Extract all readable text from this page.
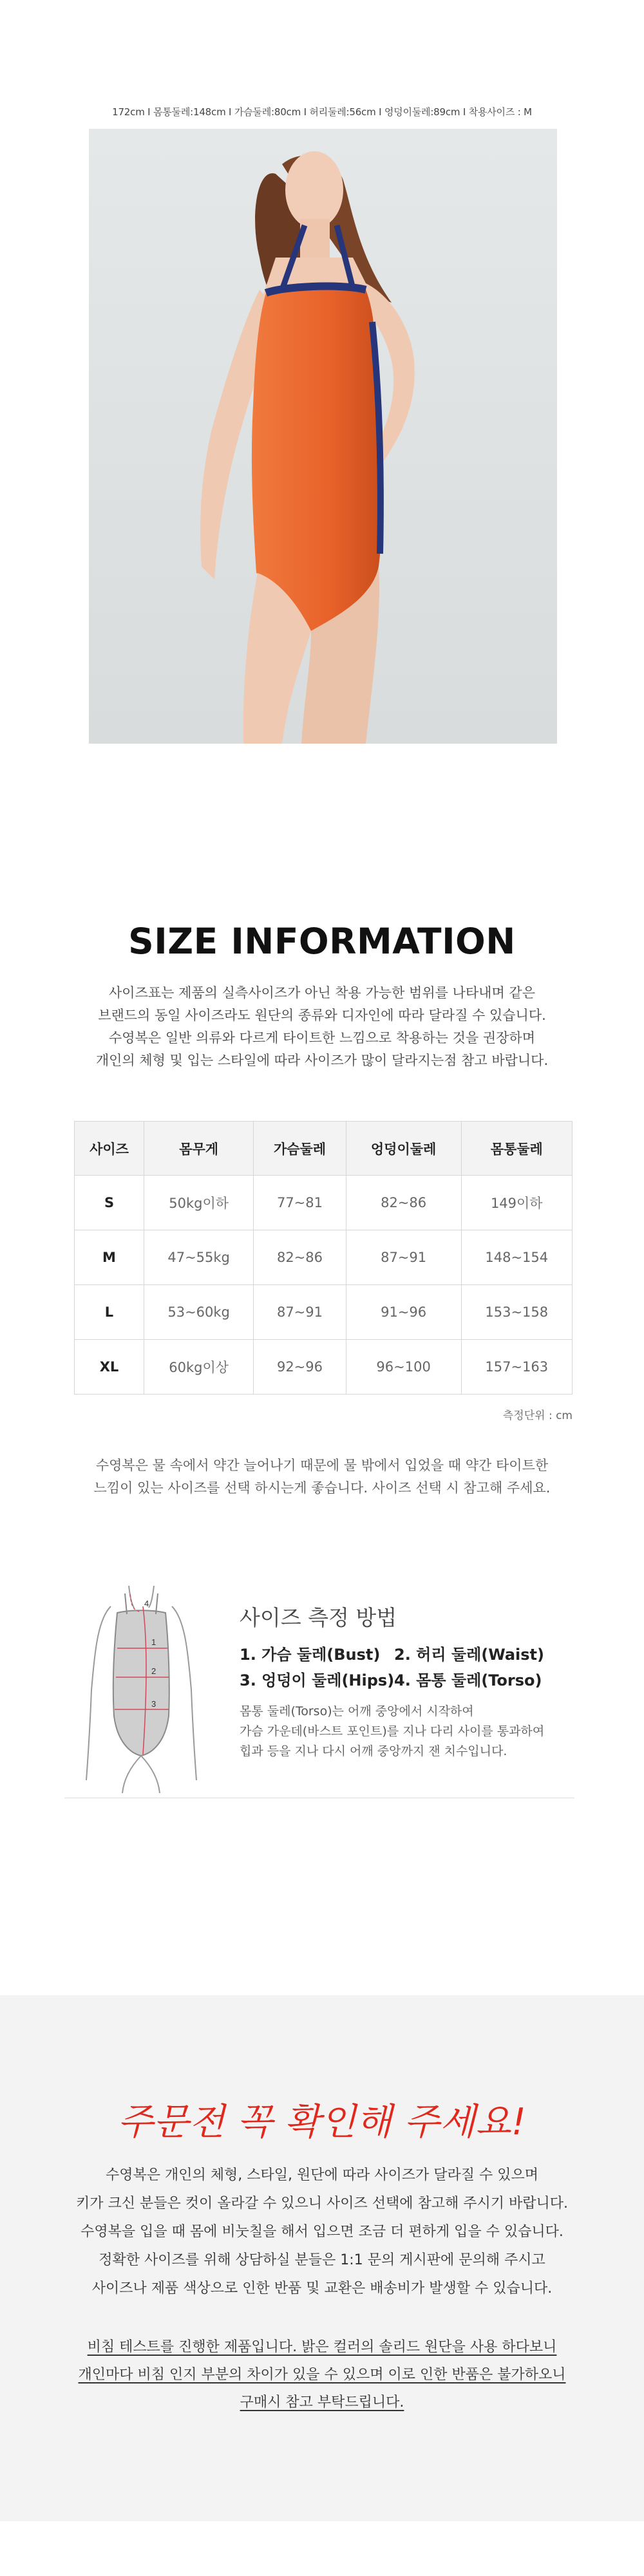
172cm I 몸통둘레:148cm I 가슴둘레:80cm I 허리둘레:56cm I 엉덩이둘레:89cm I 착용사이즈 : M
SIZE INFORMATION
사이즈표는 제품의 실측사이즈가 아닌 착용 가능한 범위를 나타내며 같은
브랜드의 동일 사이즈라도 원단의 종류와 디자인에 따라 달라질 수 있습니다.
수영복은 일반 의류와 다르게 타이트한 느낌으로 착용하는 것을 권장하며
개인의 체형 및 입는 스타일에 따라 사이즈가 많이 달라지는점 참고 바랍니다.
사이즈	몸무게	가슴둘레	엉덩이둘레	몸통둘레
S	50kg이하	77~81	82~86	149이하
M	47~55kg	82~86	87~91	148~154
L	53~60kg	87~91	91~96	153~158
XL	60kg이상	92~96	96~100	157~163
측정단위 : cm
수영복은 물 속에서 약간 늘어나기 때문에 물 밖에서 입었을 때 약간 타이트한
느낌이 있는 사이즈를 선택 하시는게 좋습니다. 사이즈 선택 시 참고해 주세요.
1
2
3
4
사이즈 측정 방법
1. 가슴 둘레(Bust) 2. 허리 둘레(Waist)
3. 엉덩이 둘레(Hips) 4. 몸통 둘레(Torso)
몸통 둘레(Torso)는 어깨 중앙에서 시작하여
가슴 가운데(바스트 포인트)를 지나 다리 사이를 통과하여
힙과 등을 지나 다시 어깨 중앙까지 잰 치수입니다.
주문전 꼭 확인해 주세요!
수영복은 개인의 체형, 스타일, 원단에 따라 사이즈가 달라질 수 있으며
키가 크신 분들은 컷이 올라갈 수 있으니 사이즈 선택에 참고해 주시기 바랍니다.
수영복을 입을 때 몸에 비눗칠을 해서 입으면 조금 더 편하게 입을 수 있습니다.
정확한 사이즈를 위해 상담하실 분들은 1:1 문의 게시판에 문의해 주시고
사이즈나 제품 색상으로 인한 반품 및 교환은 배송비가 발생할 수 있습니다.
비침 테스트를 진행한 제품입니다. 밝은 컬러의 솔리드 원단을 사용 하다보니
개인마다 비침 인지 부분의 차이가 있을 수 있으며 이로 인한 반품은 불가하오니
구매시 참고 부탁드립니다.
